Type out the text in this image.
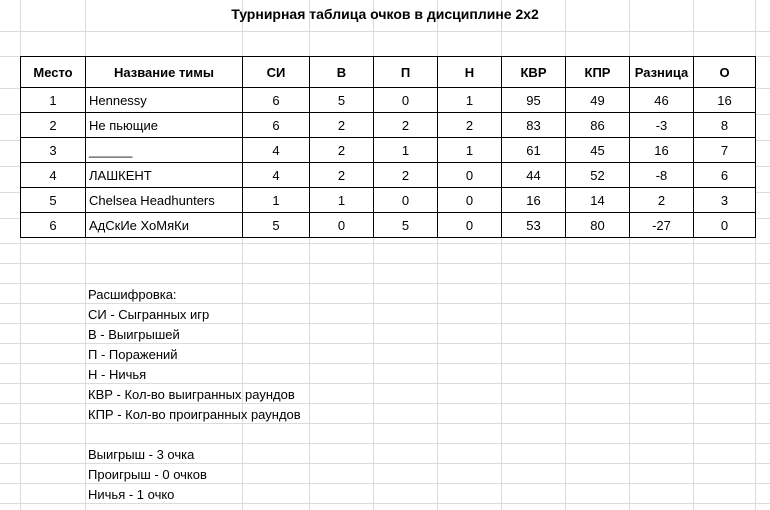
Турнирная таблица очков в дисциплине 2х2
Место	Название тимы	СИ	В	П	Н	КВР	КПР	Разница	О
1	Hennessy	6	5	0	1	95	49	46	16
2	Не пьющие	6	2	2	2	83	86	-3	8
3	______	4	2	1	1	61	45	16	7
4	ЛАШКЕНТ	4	2	2	0	44	52	-8	6
5	Chelsea Headhunters	1	1	0	0	16	14	2	3
6	АдСкИе ХоМяКи	5	0	5	0	53	80	-27	0
Расшифровка:
СИ - Сыгранных игр
В - Выигрышей
П - Поражений
Н - Ничья
КВР - Кол-во выигранных раундов
КПР - Кол-во проигранных раундов
Выигрыш - 3 очка
Проигрыш - 0 очков
Ничья - 1 очко
